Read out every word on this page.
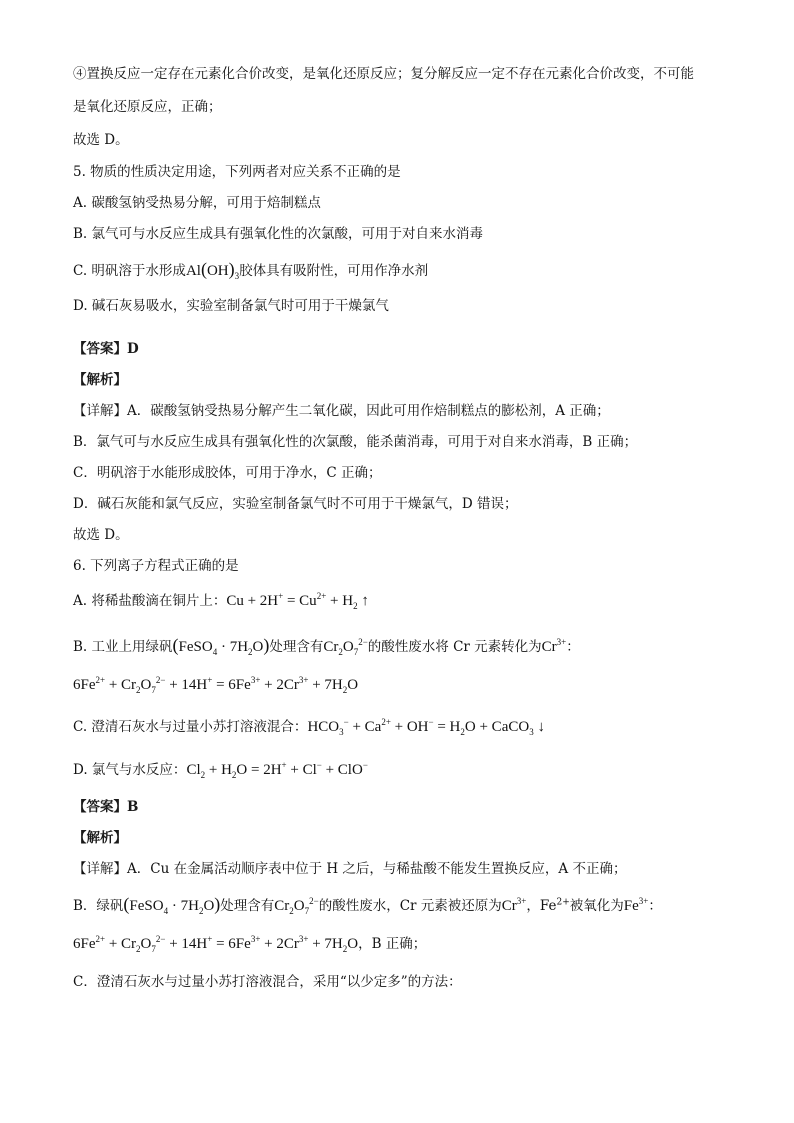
④置换反应一定存在元素化合价改变，是氧化还原反应；复分解反应一定不存在元素化合价改变，不可能
是氧化还原反应，正确；
故选 D。
5. 物质的性质决定用途，下列两者对应关系不正确的是
A. 碳酸氢钠受热易分解，可用于焙制糕点
B. 氯气可与水反应生成具有强氧化性的次氯酸，可用于对自来水消毒
C. 明矾溶于水形成$Al(OH)_3$胶体具有吸附性，可用作净水剂
D. 碱石灰易吸水，实验室制备氯气时可用于干燥氯气
【答案】D
【解析】
【详解】A．碳酸氢钠受热易分解产生二氧化碳，因此可用作焙制糕点的膨松剂，A 正确；
B．氯气可与水反应生成具有强氧化性的次氯酸，能杀菌消毒，可用于对自来水消毒，B 正确；
C．明矾溶于水能形成胶体，可用于净水，C 正确；
D．碱石灰能和氯气反应，实验室制备氯气时不可用于干燥氯气，D 错误；
故选 D。
6. 下列离子方程式正确的是
A. 将稀盐酸滴在铜片上：$Cu + 2H^+ = Cu^{2+} + H_2$ ↑
B. 工业上用绿矾(FeSO$_4$ · $7H_2O$)处理含有$Cr_2O_7^{2-}$的酸性废水将 Cr 元素转化为$Cr^{3+}$：
$6Fe^{2+} + Cr_2O_7^{2-} + 14H^+ = 6Fe^{3+} + 2Cr^{3+} + 7H_2O$
C. 澄清石灰水与过量小苏打溶液混合：$HCO_3^- + Ca^{2+} + OH^- = H_2O$ + CaCO$_3$ ↓
D. 氯气与水反应：$Cl_2 + H_2O = 2H^+ + Cl^- + ClO^-$
【答案】B
【解析】
【详解】A．Cu 在金属活动顺序表中位于 H 之后，与稀盐酸不能发生置换反应，A 不正确；
B．绿矾(FeSO$_4$ · $7H_2O$)处理含有$Cr_2O_7^{2-}$的酸性废水，Cr 元素被还原为$Cr^{3+}$，$Fe^{2+}$被氧化为$Fe^{3+}$：
$6Fe^{2+} + Cr_2O_7^{2-} + 14H^+ = 6Fe^{3+} + 2Cr^{3+} + 7H_2O$，B 正确；
C．澄清石灰水与过量小苏打溶液混合，采用“以少定多”的方法：
